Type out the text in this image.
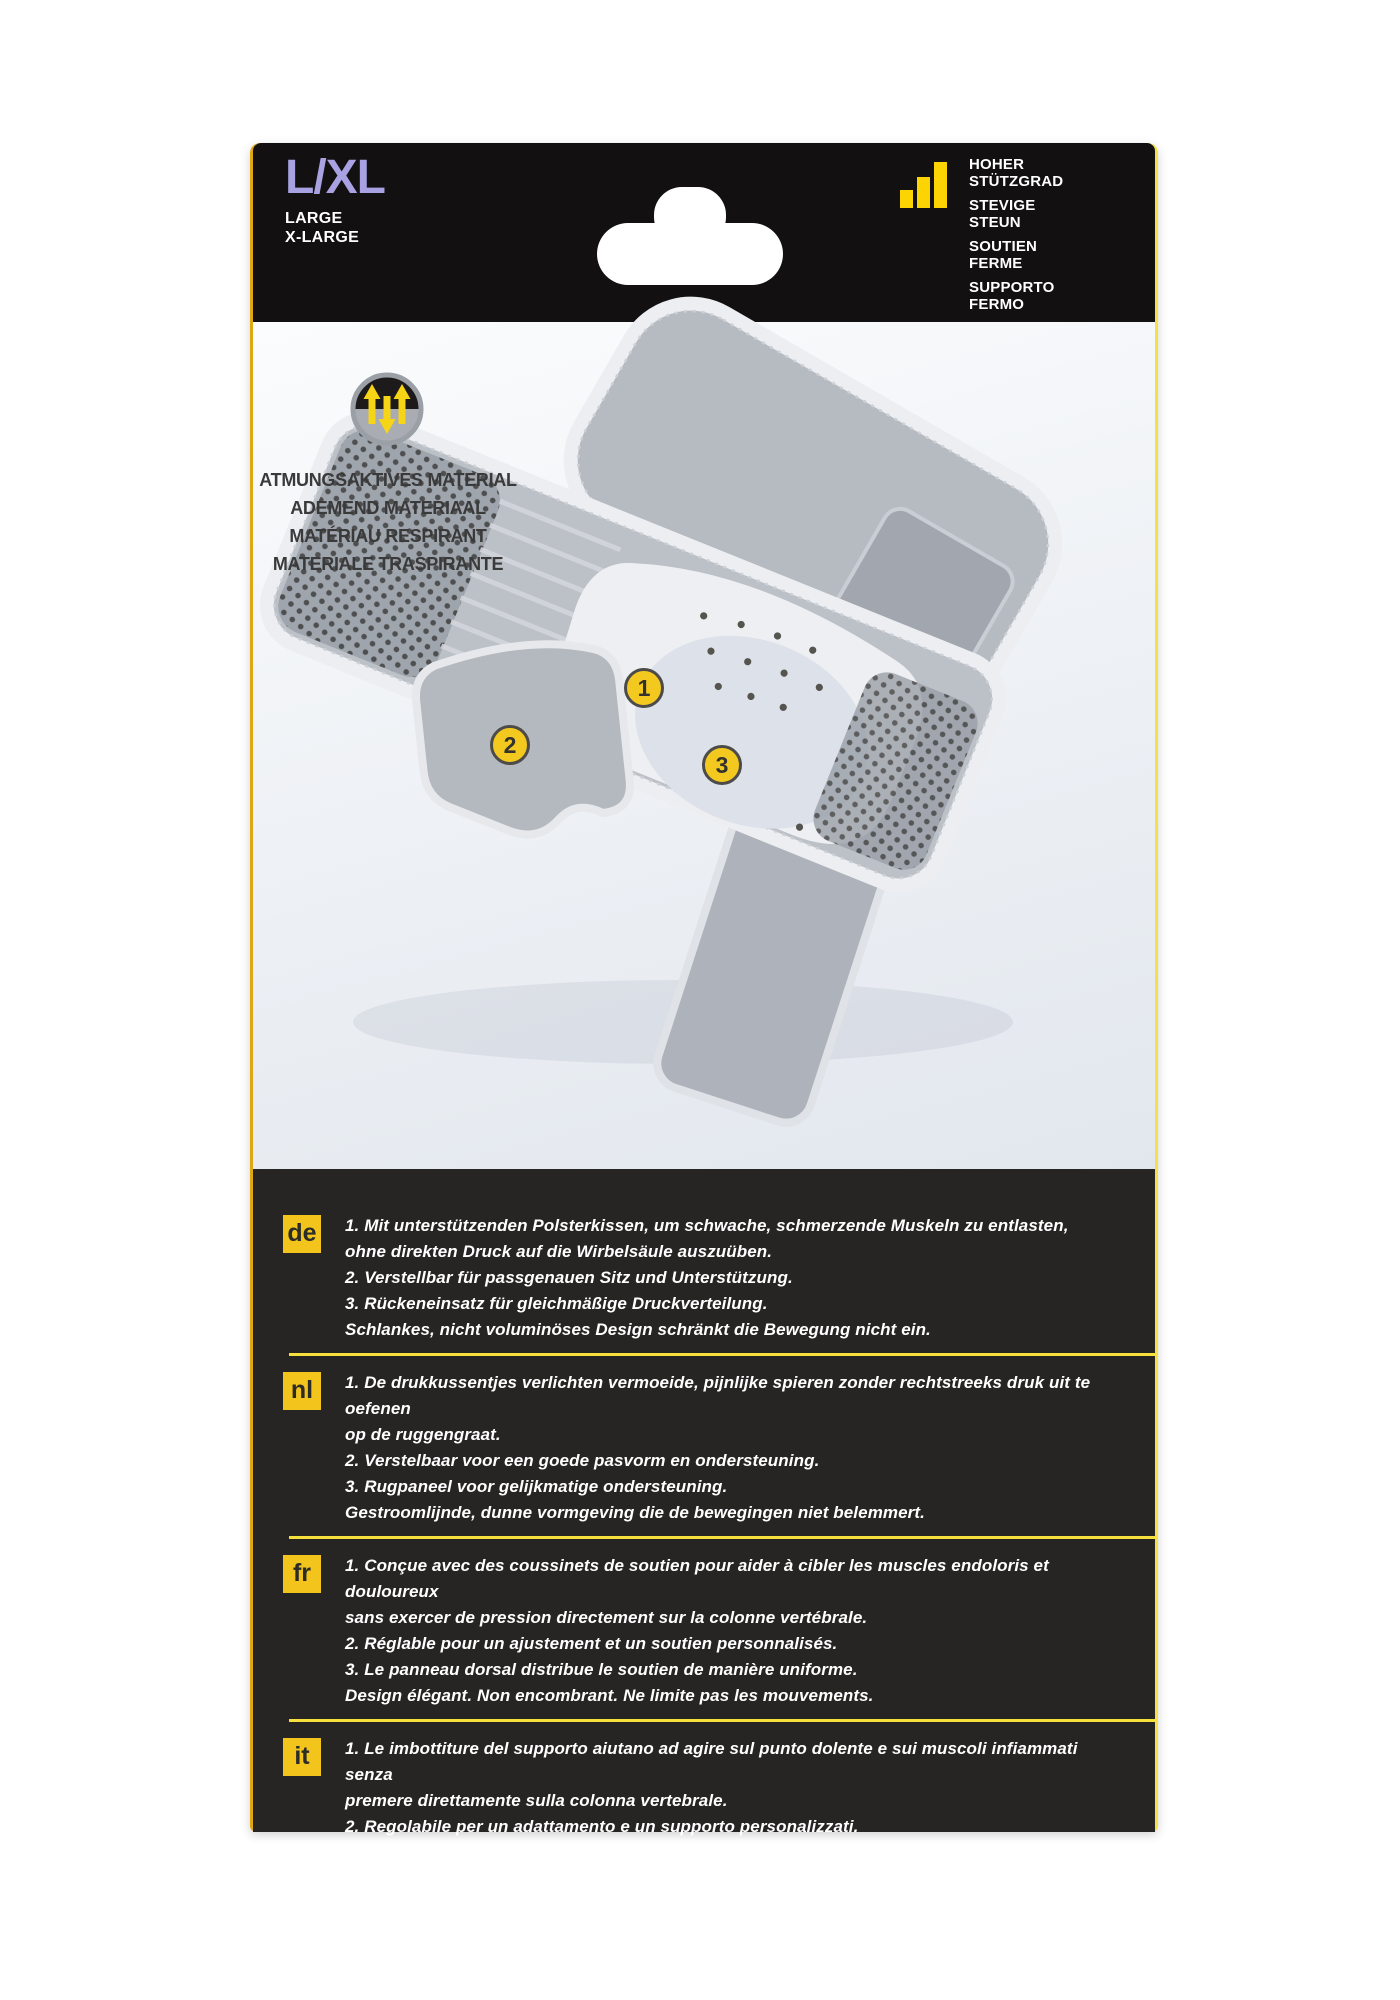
L/XL
LARGE
X-LARGE
HOHER
STÜTZGRAD
STEVIGE
STEUN
SOUTIEN
FERME
SUPPORTO
FERMO
ATMUNGSAKTIVES MATERIAL
ADEMEND MATERIAAL
MATÉRIAU RESPIRANT
MATERIALE TRASPIRANTE
1
2
3
de 1. Mit unterstützenden Polsterkissen, um schwache, schmerzende Muskeln zu entlasten,
ohne direkten Druck auf die Wirbelsäule auszuüben.
2. Verstellbar für passgenauen Sitz und Unterstützung.
3. Rückeneinsatz für gleichmäßige Druckverteilung.
Schlankes, nicht voluminöses Design schränkt die Bewegung nicht ein.
nl	1. De drukkussentjes verlichten vermoeide, pijnlijke spieren zonder rechtstreeks druk uit te oefenen
op de ruggengraat.
2. Verstelbaar voor een goede pasvorm en ondersteuning.
3. Rugpaneel voor gelijkmatige ondersteuning.
Gestroomlijnde, dunne vormgeving die de bewegingen niet belemmert.
fr	1. Conçue avec des coussinets de soutien pour aider à cibler les muscles endoloris et douloureux
sans exercer de pression directement sur la colonne vertébrale.
2. Réglable pour un ajustement et un soutien personnalisés.
3. Le panneau dorsal distribue le soutien de manière uniforme.
Design élégant. Non encombrant. Ne limite pas les mouvements.
it	1. Le imbottiture del supporto aiutano ad agire sul punto dolente e sui muscoli infiammati senza
premere direttamente sulla colonna vertebrale.
2. Regolabile per un adattamento e un supporto personalizzati.
3. Il pannello posteriore distribuisce il supporto in modo regolare.
Il design discreto e non ingombrante non limita i movimenti.
